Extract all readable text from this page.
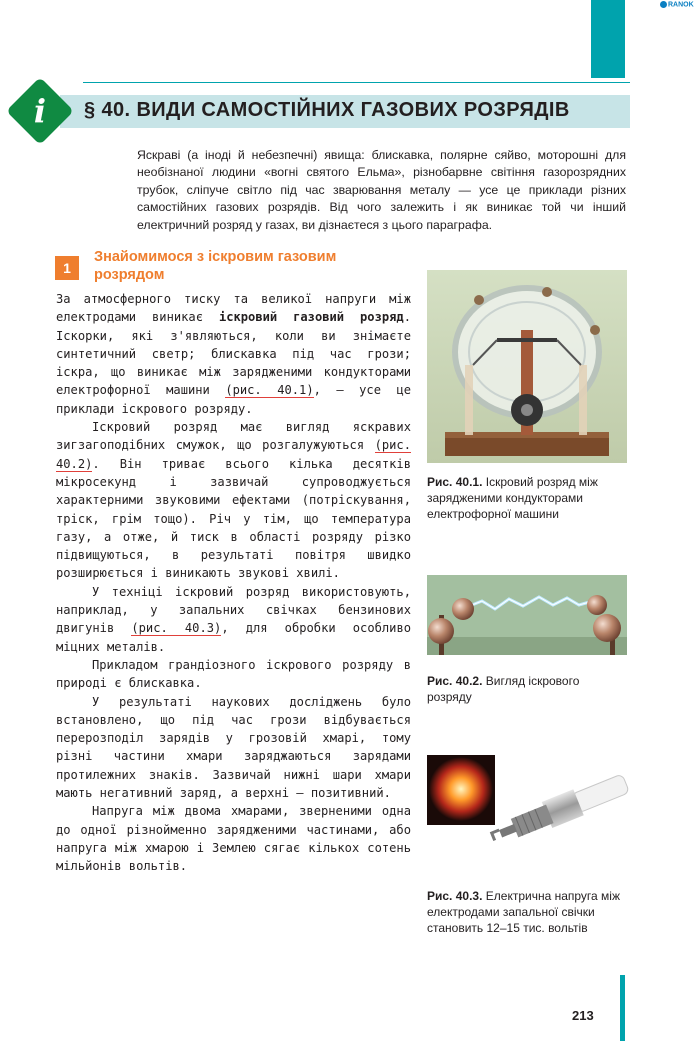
RANOK
i	§ 40. ВИДИ САМОСТІЙНИХ ГАЗОВИХ РОЗРЯДІВ
Яскраві (а іноді й небезпечні) явища: блискавка, полярне сяйво, моторошні для необізнаної людини «вогні святого Ельма», різнобарвне світіння газорозрядних трубок, сліпуче світло під час зварювання металу — усе це приклади різних самостійних газових розрядів. Від чого залежить і як виникає той чи інший електричний розряд у газах, ви дізнаєтеся з цього параграфа.
1
Знайомимося з іскровим газовим розрядом

За атмосферного тиску та великої напруги між електродами виникає іскровий газовий розряд. Іскорки, які з'являються, коли ви знімаєте синтетичний светр; блискавка під час грози; іскра, що виникає між зарядженими кондукторами електрофорної машини (рис. 40.1), — усе це приклади іскрового розряду.

Іскровий розряд має вигляд яскравих зигзагоподібних смужок, що розгалужуються (рис. 40.2). Він триває всього кілька десятків мікросекунд і зазвичай супроводжується характерними звуковими ефектами (потріскування, тріск, грім тощо). Річ у тім, що температура газу, а отже, й тиск в області розряду різко підвищуються, в результаті повітря швидко розширюється і виникають звукові хвилі.

У техніці іскровий розряд використовують, наприклад, у запальних свічках бензинових двигунів (рис. 40.3), для обробки особливо міцних металів.

Прикладом грандіозного іскрового розряду в природі є блискавка.

У результаті наукових досліджень було встановлено, що під час грози відбувається перерозподіл зарядів у грозовій хмарі, тому різні частини хмари заряджаються зарядами протилежних знаків. Зазвичай нижні шари хмари мають негативний заряд, а верхні — позитивний.

Напруга між двома хмарами, зверненими одна до одної різнойменно зарядженими частинами, або напруга між хмарою і Землею сягає кількох сотень мільйонів вольтів.

Рис. 40.1. Іскровий розряд між зарядженими кондукторами електрофорної машини
Рис. 40.2. Вигляд іскрового розряду
Рис. 40.3. Електрична напруга між електродами запальної свічки становить 12–15 тис. вольтів
213
